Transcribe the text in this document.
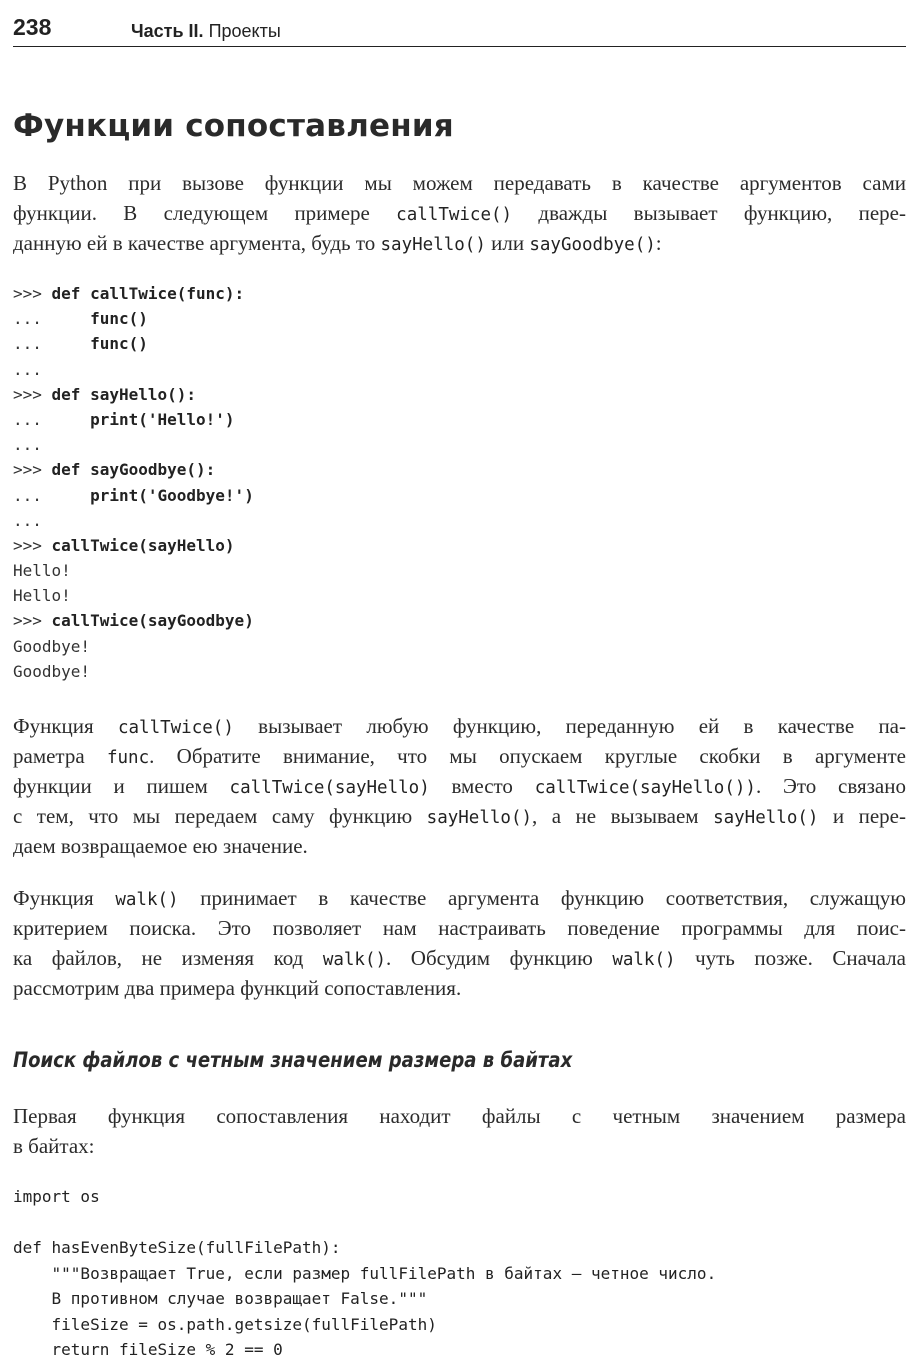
238	Часть II. Проекты
Функции сопоставления
В Python при вызове функции мы можем передавать в качестве аргументов сами
функции. В следующем примере callTwice() дважды вызывает функцию, пере-
данную ей в качестве аргумента, будь то sayHello() или sayGoodbye():
>>> def callTwice(func):
...     func()
...     func()
...
>>> def sayHello():
...     print('Hello!')
...
>>> def sayGoodbye():
...     print('Goodbye!')
...
>>> callTwice(sayHello)
Hello!
Hello!
>>> callTwice(sayGoodbye)
Goodbye!
Goodbye!
Функция callTwice() вызывает любую функцию, переданную ей в качестве па-
раметра func. Обратите внимание, что мы опускаем круглые скобки в аргументе
функции и пишем callTwice(sayHello) вместо callTwice(sayHello()). Это связано
с тем, что мы передаем саму функцию sayHello(), а не вызываем sayHello() и пере-
даем возвращаемое ею значение.
Функция walk() принимает в качестве аргумента функцию соответствия, служащую
критерием поиска. Это позволяет нам настраивать поведение программы для поис-
ка файлов, не изменяя код walk(). Обсудим функцию walk() чуть позже. Сначала
рассмотрим два примера функций сопоставления.
Поиск файлов с четным значением размера в байтах
Первая функция сопоставления находит файлы с четным значением размера
в байтах:
import os
def hasEvenByteSize(fullFilePath):
"""Возвращает True, если размер fullFilePath в байтах — четное число.
В противном случае возвращает False."""
fileSize = os.path.getsize(fullFilePath)
return fileSize % 2 == 0
